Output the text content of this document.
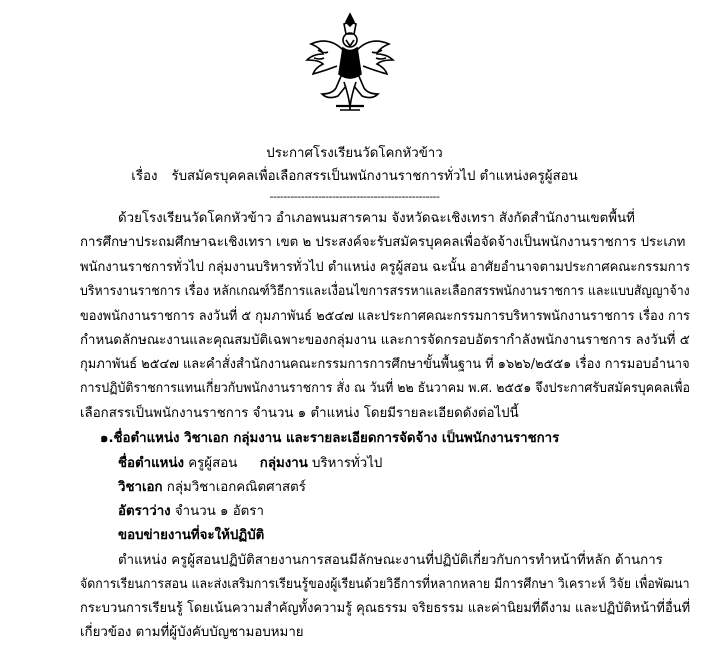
ประกาศโรงเรียนวัดโคกหัวข้าว
เรื่อง รับสมัครบุคคลเพื่อเลือกสรรเป็นพนักงานราชการทั่วไป ตำแหน่งครูผู้สอน
-------------------------------------------------
ด้วยโรงเรียนวัดโคกหัวข้าว อำเภอพนมสารคาม จังหวัดฉะเชิงเทรา สังกัดสำนักงานเขตพื้นที่
การศึกษาประถมศึกษาฉะเชิงเทรา เขต ๒ ประสงค์จะรับสมัครบุคคลเพื่อจัดจ้างเป็นพนักงานราชการ ประเภท
พนักงานราชการทั่วไป กลุ่มงานบริหารทั่วไป ตำแหน่ง ครูผู้สอน ฉะนั้น อาศัยอำนาจตามประกาศคณะกรรมการ
บริหารงานราชการ เรื่อง หลักเกณฑ์วิธีการและเงื่อนไขการสรรหาและเลือกสรรพนักงานราชการ และแบบสัญญาจ้าง
ของพนักงานราชการ ลงวันที่ ๕ กุมภาพันธ์ ๒๕๔๗ และประกาศคณะกรรมการบริหารพนักงานราชการ เรื่อง การ
กำหนดลักษณะงานและคุณสมบัติเฉพาะของกลุ่มงาน และการจัดกรอบอัตรากำลังพนักงานราชการ ลงวันที่ ๕
กุมภาพันธ์ ๒๕๔๗ และคำสั่งสำนักงานคณะกรรมการการศึกษาขั้นพื้นฐาน ที่ ๑๖๒๖/๒๕๕๑ เรื่อง การมอบอำนาจ
การปฏิบัติราชการแทนเกี่ยวกับพนักงานราชการ สั่ง ณ วันที่ ๒๒ ธันวาคม พ.ศ. ๒๕๕๑ จึงประกาศรับสมัครบุคคลเพื่อ
เลือกสรรเป็นพนักงานราชการ จำนวน ๑ ตำแหน่ง โดยมีรายละเอียดดังต่อไปนี้
๑.ชื่อตำแหน่ง วิชาเอก กลุ่มงาน และรายละเอียดการจัดจ้าง เป็นพนักงานราชการ
ชื่อตำแหน่ง ครูผู้สอน กลุ่มงาน บริหารทั่วไป
วิชาเอก กลุ่มวิชาเอกคณิตศาสตร์
อัตราว่าง จำนวน ๑ อัตรา
ขอบข่ายงานที่จะให้ปฏิบัติ
ตำแหน่ง ครูผู้สอนปฏิบัติสายงานการสอนมีลักษณะงานที่ปฏิบัติเกี่ยวกับการทำหน้าที่หลัก ด้านการ
จัดการเรียนการสอน และส่งเสริมการเรียนรู้ของผู้เรียนด้วยวิธีการที่หลากหลาย มีการศึกษา วิเคราะห์ วิจัย เพื่อพัฒนา
กระบวนการเรียนรู้ โดยเน้นความสำคัญทั้งความรู้ คุณธรรม จริยธรรม และค่านิยมที่ดีงาม และปฏิบัติหน้าที่อื่นที่
เกี่ยวข้อง ตามที่ผู้บังคับบัญชามอบหมาย
